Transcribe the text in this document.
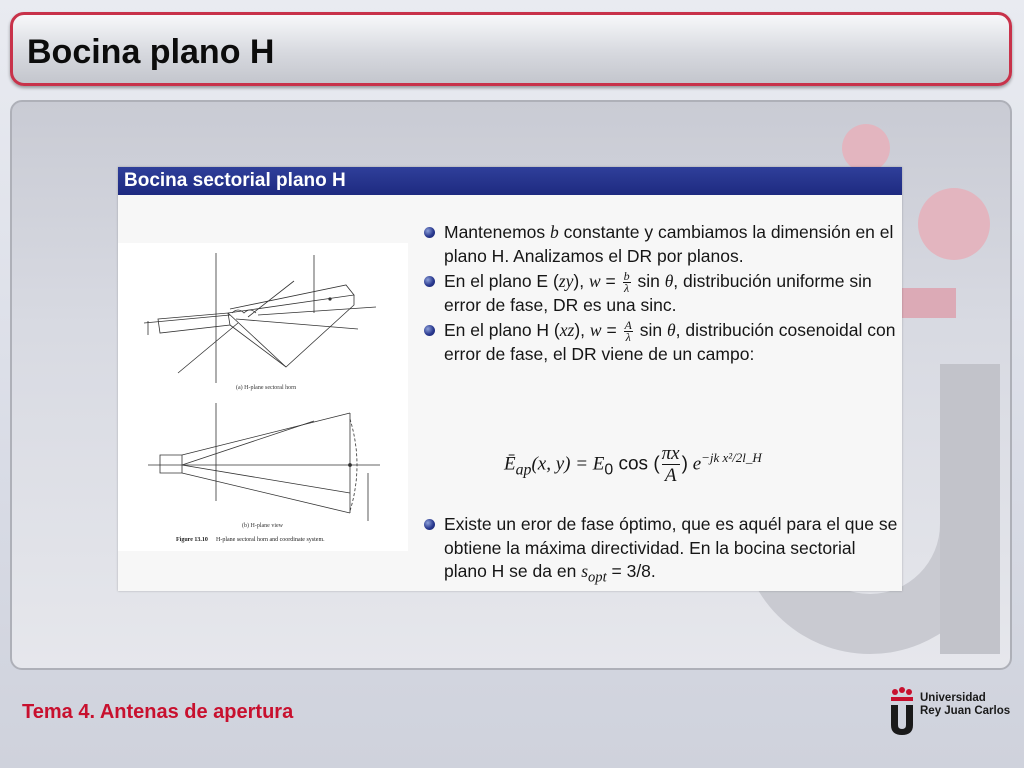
Bocina plano H
Bocina sectorial plano H
(a) H-plane sectoral horn
(b) H-plane view
Figure 13.10 H-plane sectoral horn and coordinate system.
Mantenemos b constante y cambiamos la dimensión en el plano H. Analizamos el DR por planos.
En el plano E (zy), $w = \frac{b}{\lambda}$ sin θ, distribución uniforme sin error de fase, DR es una sinc.
En el plano H (xz), $w = \frac{A}{\lambda}$ sin θ, distribución cosenoidal con error de fase, el DR viene de un campo:
$Ē_{ap}(x$, $y) = E_0$ cos ( $\frac{\pi x}{A}$ ) $e^{-jk x^2/2l\_H}$
Existe un eror de fase óptimo, que es aquél para el que se obtiene la máxima directividad. En la bocina sectorial plano H se da en $s_{opt} = 3/8$.
Tema 4. Antenas de apertura
Universidad
Rey Juan Carlos
